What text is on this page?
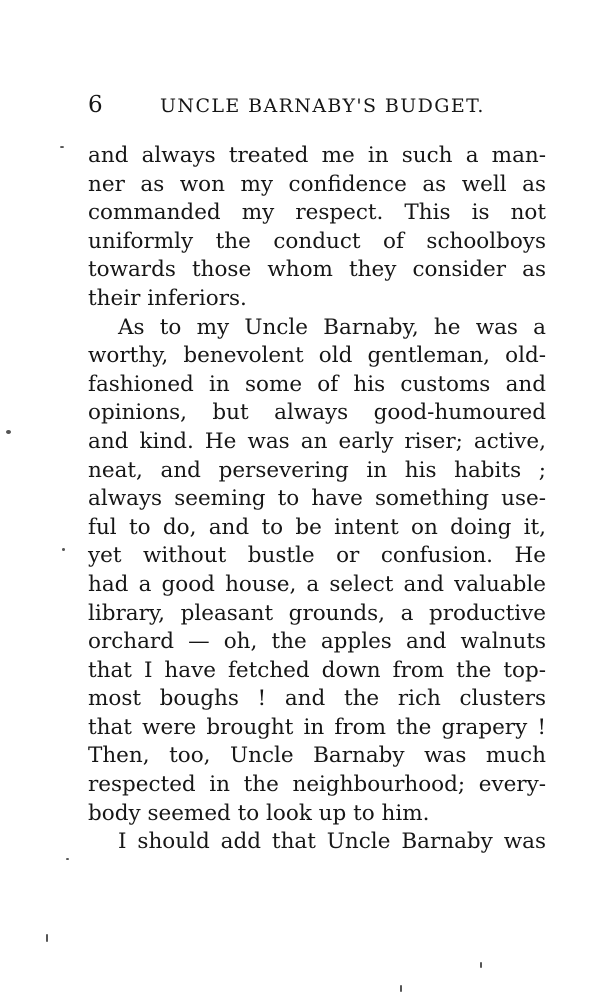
6	UNCLE BARNABY'S BUDGET.
and always treated me in such a man-
ner as won my confidence as well as
commanded my respect. This is not
uniformly the conduct of schoolboys
towards those whom they consider as
their inferiors.
As to my Uncle Barnaby, he was a
worthy, benevolent old gentleman, old-
fashioned in some of his customs and
opinions, but always good-humoured
and kind. He was an early riser; active,
neat, and persevering in his habits ;
always seeming to have something use-
ful to do, and to be intent on doing it,
yet without bustle or confusion. He
had a good house, a select and valuable
library, pleasant grounds, a productive
orchard — oh, the apples and walnuts
that I have fetched down from the top-
most boughs ! and the rich clusters
that were brought in from the grapery !
Then, too, Uncle Barnaby was much
respected in the neighbourhood; every-
body seemed to look up to him.
I should add that Uncle Barnaby was
